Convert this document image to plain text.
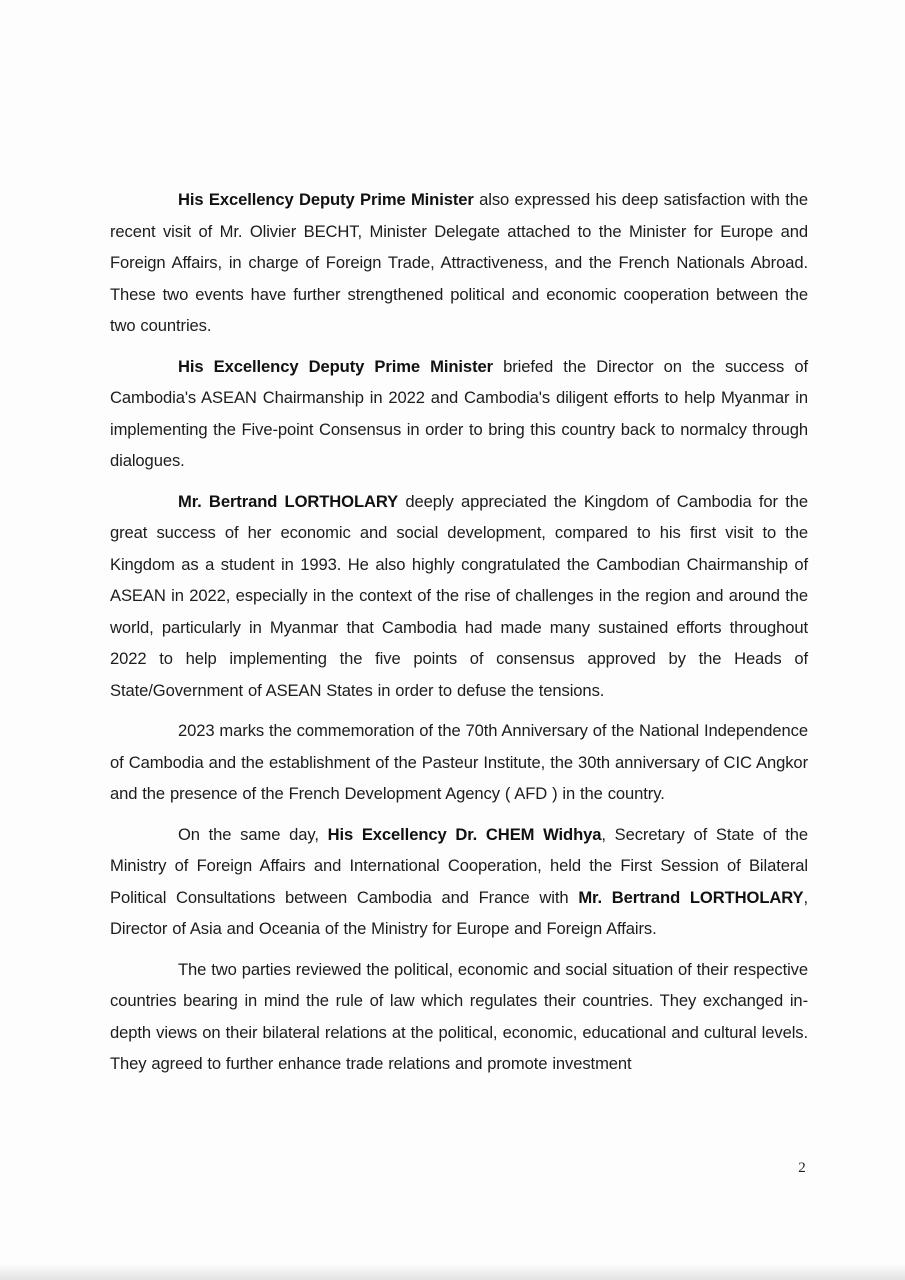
His Excellency Deputy Prime Minister also expressed his deep satisfaction with the recent visit of Mr. Olivier BECHT, Minister Delegate attached to the Minister for Europe and Foreign Affairs, in charge of Foreign Trade, Attractiveness, and the French Nationals Abroad. These two events have further strengthened political and economic cooperation between the two countries.

His Excellency Deputy Prime Minister briefed the Director on the success of Cambodia's ASEAN Chairmanship in 2022 and Cambodia's diligent efforts to help Myanmar in implementing the Five-point Consensus in order to bring this country back to normalcy through dialogues.

Mr. Bertrand LORTHOLARY deeply appreciated the Kingdom of Cambodia for the great success of her economic and social development, compared to his first visit to the Kingdom as a student in 1993. He also highly congratulated the Cambodian Chairmanship of ASEAN in 2022, especially in the context of the rise of challenges in the region and around the world, particularly in Myanmar that Cambodia had made many sustained efforts throughout 2022 to help implementing the five points of consensus approved by the Heads of State/Government of ASEAN States in order to defuse the tensions.

2023 marks the commemoration of the 70th Anniversary of the National Independence of Cambodia and the establishment of the Pasteur Institute, the 30th anniversary of CIC Angkor and the presence of the French Development Agency ( AFD ) in the country.

On the same day, His Excellency Dr. CHEM Widhya, Secretary of State of the Ministry of Foreign Affairs and International Cooperation, held the First Session of Bilateral Political Consultations between Cambodia and France with Mr. Bertrand LORTHOLARY, Director of Asia and Oceania of the Ministry for Europe and Foreign Affairs.

The two parties reviewed the political, economic and social situation of their respective countries bearing in mind the rule of law which regulates their countries. They exchanged in-depth views on their bilateral relations at the political, economic, educational and cultural levels. They agreed to further enhance trade relations and promote investment

2
